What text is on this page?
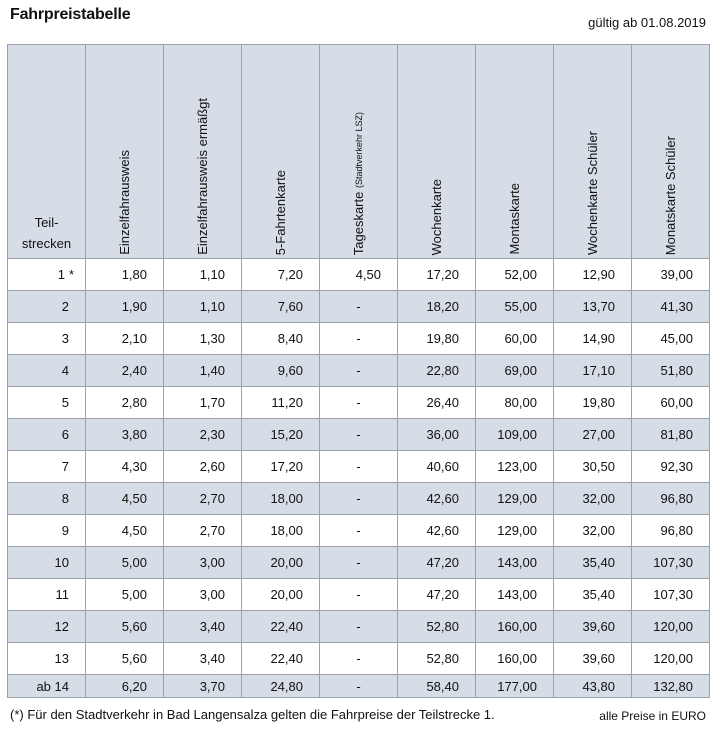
Fahrpreistabelle	gültig ab 01.08.2019
Teil-
strecken	Einzelfahrausweis	Einzelfahrausweis ermäßgt	5-Fahrtenkarte	Tageskarte (Stadtverkehr LSZ)	Wochenkarte	Montaskarte	Wochenkarte Schüler	Monatskarte Schüler
1 *	1,80	1,10	7,20	4,50	17,20	52,00	12,90	39,00
2	1,90	1,10	7,60	-	18,20	55,00	13,70	41,30
3	2,10	1,30	8,40	-	19,80	60,00	14,90	45,00
4	2,40	1,40	9,60	-	22,80	69,00	17,10	51,80
5	2,80	1,70	11,20	-	26,40	80,00	19,80	60,00
6	3,80	2,30	15,20	-	36,00	109,00	27,00	81,80
7	4,30	2,60	17,20	-	40,60	123,00	30,50	92,30
8	4,50	2,70	18,00	-	42,60	129,00	32,00	96,80
9	4,50	2,70	18,00	-	42,60	129,00	32,00	96,80
10	5,00	3,00	20,00	-	47,20	143,00	35,40	107,30
11	5,00	3,00	20,00	-	47,20	143,00	35,40	107,30
12	5,60	3,40	22,40	-	52,80	160,00	39,60	120,00
13	5,60	3,40	22,40	-	52,80	160,00	39,60	120,00
ab 14	6,20	3,70	24,80	-	58,40	177,00	43,80	132,80
(*) Für den Stadtverkehr in Bad Langensalza gelten die Fahrpreise der Teilstrecke 1.	alle Preise in EURO
